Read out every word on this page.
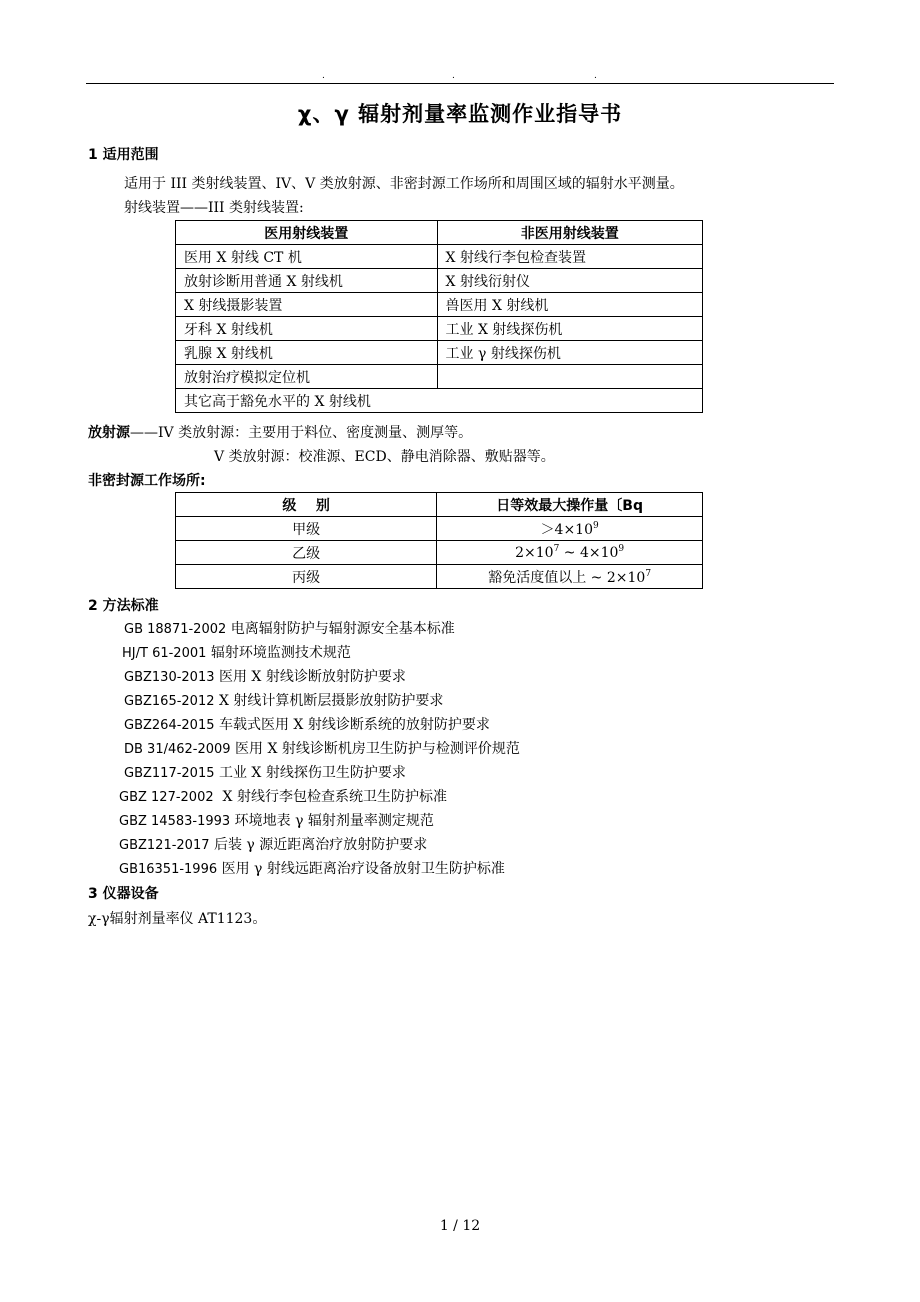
.	.	.
χ、γ 辐射剂量率监测作业指导书
1 适用范围
适用于 III 类射线装置、IV、V 类放射源、非密封源工作场所和周围区域的辐射水平测量。
射线装置——III 类射线装置:
医用射线装置	非医用射线装置
医用 X 射线 CT 机	X 射线行李包检查装置
放射诊断用普通 X 射线机	X 射线衍射仪
X 射线摄影装置	兽医用 X 射线机
牙科 X 射线机	工业 X 射线探伤机
乳腺 X 射线机	工业 γ 射线探伤机
放射治疗模拟定位机	
其它高于豁免水平的 X 射线机	
放射源——IV 类放射源：主要用于料位、密度测量、测厚等。
V 类放射源：校准源、ECD、静电消除器、敷贴器等。
非密封源工作场所:
级    别	日等效最大操作量〔Bq
甲级	$>4\times 10^9$
乙级	$2\times 10^7$ ~ $4\times 10^9$
丙级	豁免活度值以上 ~ $2\times 10^7$
2 方法标准
GB 18871-2002 电离辐射防护与辐射源安全基本标准
HJ/T 61-2001 辐射环境监测技术规范
GBZ130-2013 医用 X 射线诊断放射防护要求
GBZ165-2012 X 射线计算机断层摄影放射防护要求
GBZ264-2015 车载式医用 X 射线诊断系统的放射防护要求
DB 31/462-2009 医用 X 射线诊断机房卫生防护与检测评价规范
GBZ117-2015 工业 X 射线探伤卫生防护要求
GBZ 127-2002  X 射线行李包检查系统卫生防护标准
GBZ 14583-1993 环境地表 γ 辐射剂量率测定规范
GBZ121-2017 后装 γ 源近距离治疗放射防护要求
GB16351-1996 医用 γ 射线远距离治疗设备放射卫生防护标准
3 仪器设备
χ-γ辐射剂量率仪 AT1123。
1 / 12
